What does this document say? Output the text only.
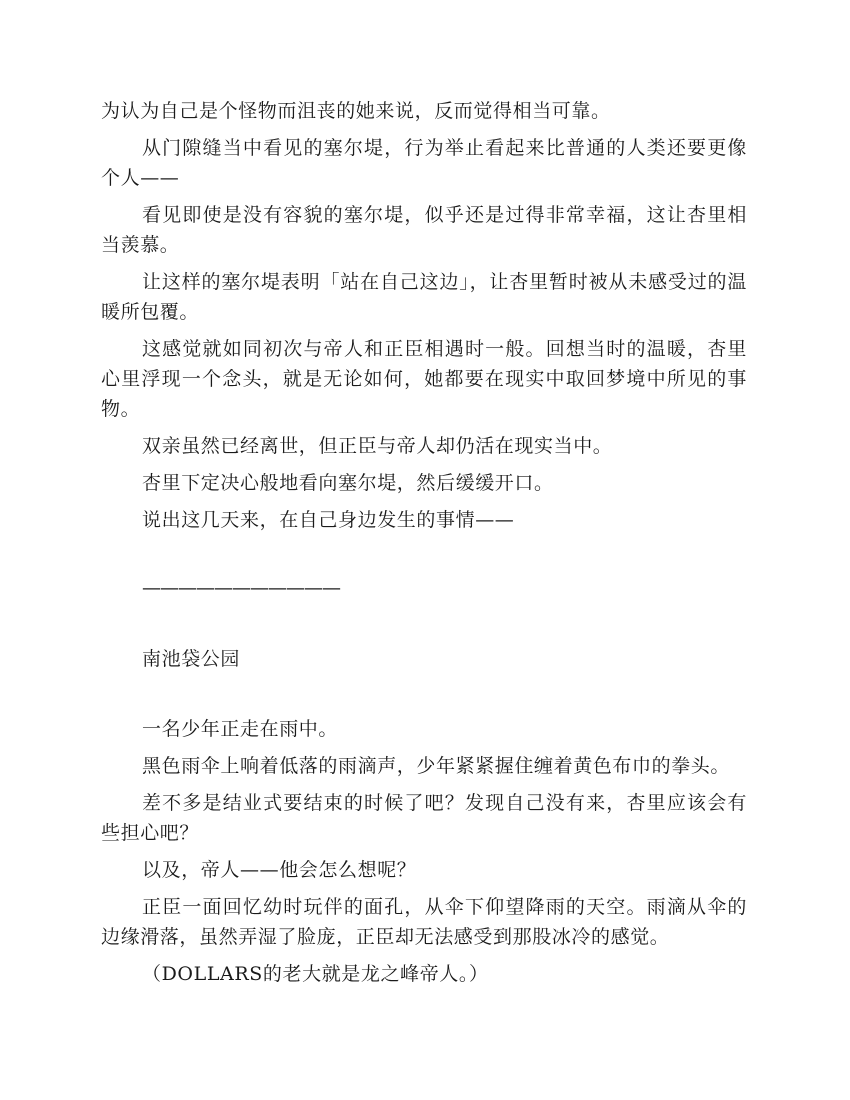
为认为自己是个怪物而沮丧的她来说，反而觉得相当可靠。

从门隙缝当中看见的塞尔堤，行为举止看起来比普通的人类还要更像个人——

看见即使是没有容貌的塞尔堤，似乎还是过得非常幸福，这让杏里相当羡慕。

让这样的塞尔堤表明「站在自己这边」，让杏里暂时被从未感受过的温暖所包覆。

这感觉就如同初次与帝人和正臣相遇时一般。回想当时的温暖，杏里心里浮现一个念头，就是无论如何，她都要在现实中取回梦境中所见的事物。

双亲虽然已经离世，但正臣与帝人却仍活在现实当中。

杏里下定决心般地看向塞尔堤，然后缓缓开口。

说出这几天来，在自己身边发生的事情——

———————————

南池袋公园

一名少年正走在雨中。

黑色雨伞上响着低落的雨滴声，少年紧紧握住缠着黄色布巾的拳头。

差不多是结业式要结束的时候了吧？发现自己没有来，杏里应该会有些担心吧？

以及，帝人——他会怎么想呢？

正臣一面回忆幼时玩伴的面孔，从伞下仰望降雨的天空。雨滴从伞的边缘滑落，虽然弄湿了脸庞，正臣却无法感受到那股冰冷的感觉。

（DOLLARS的老大就是龙之峰帝人。）
